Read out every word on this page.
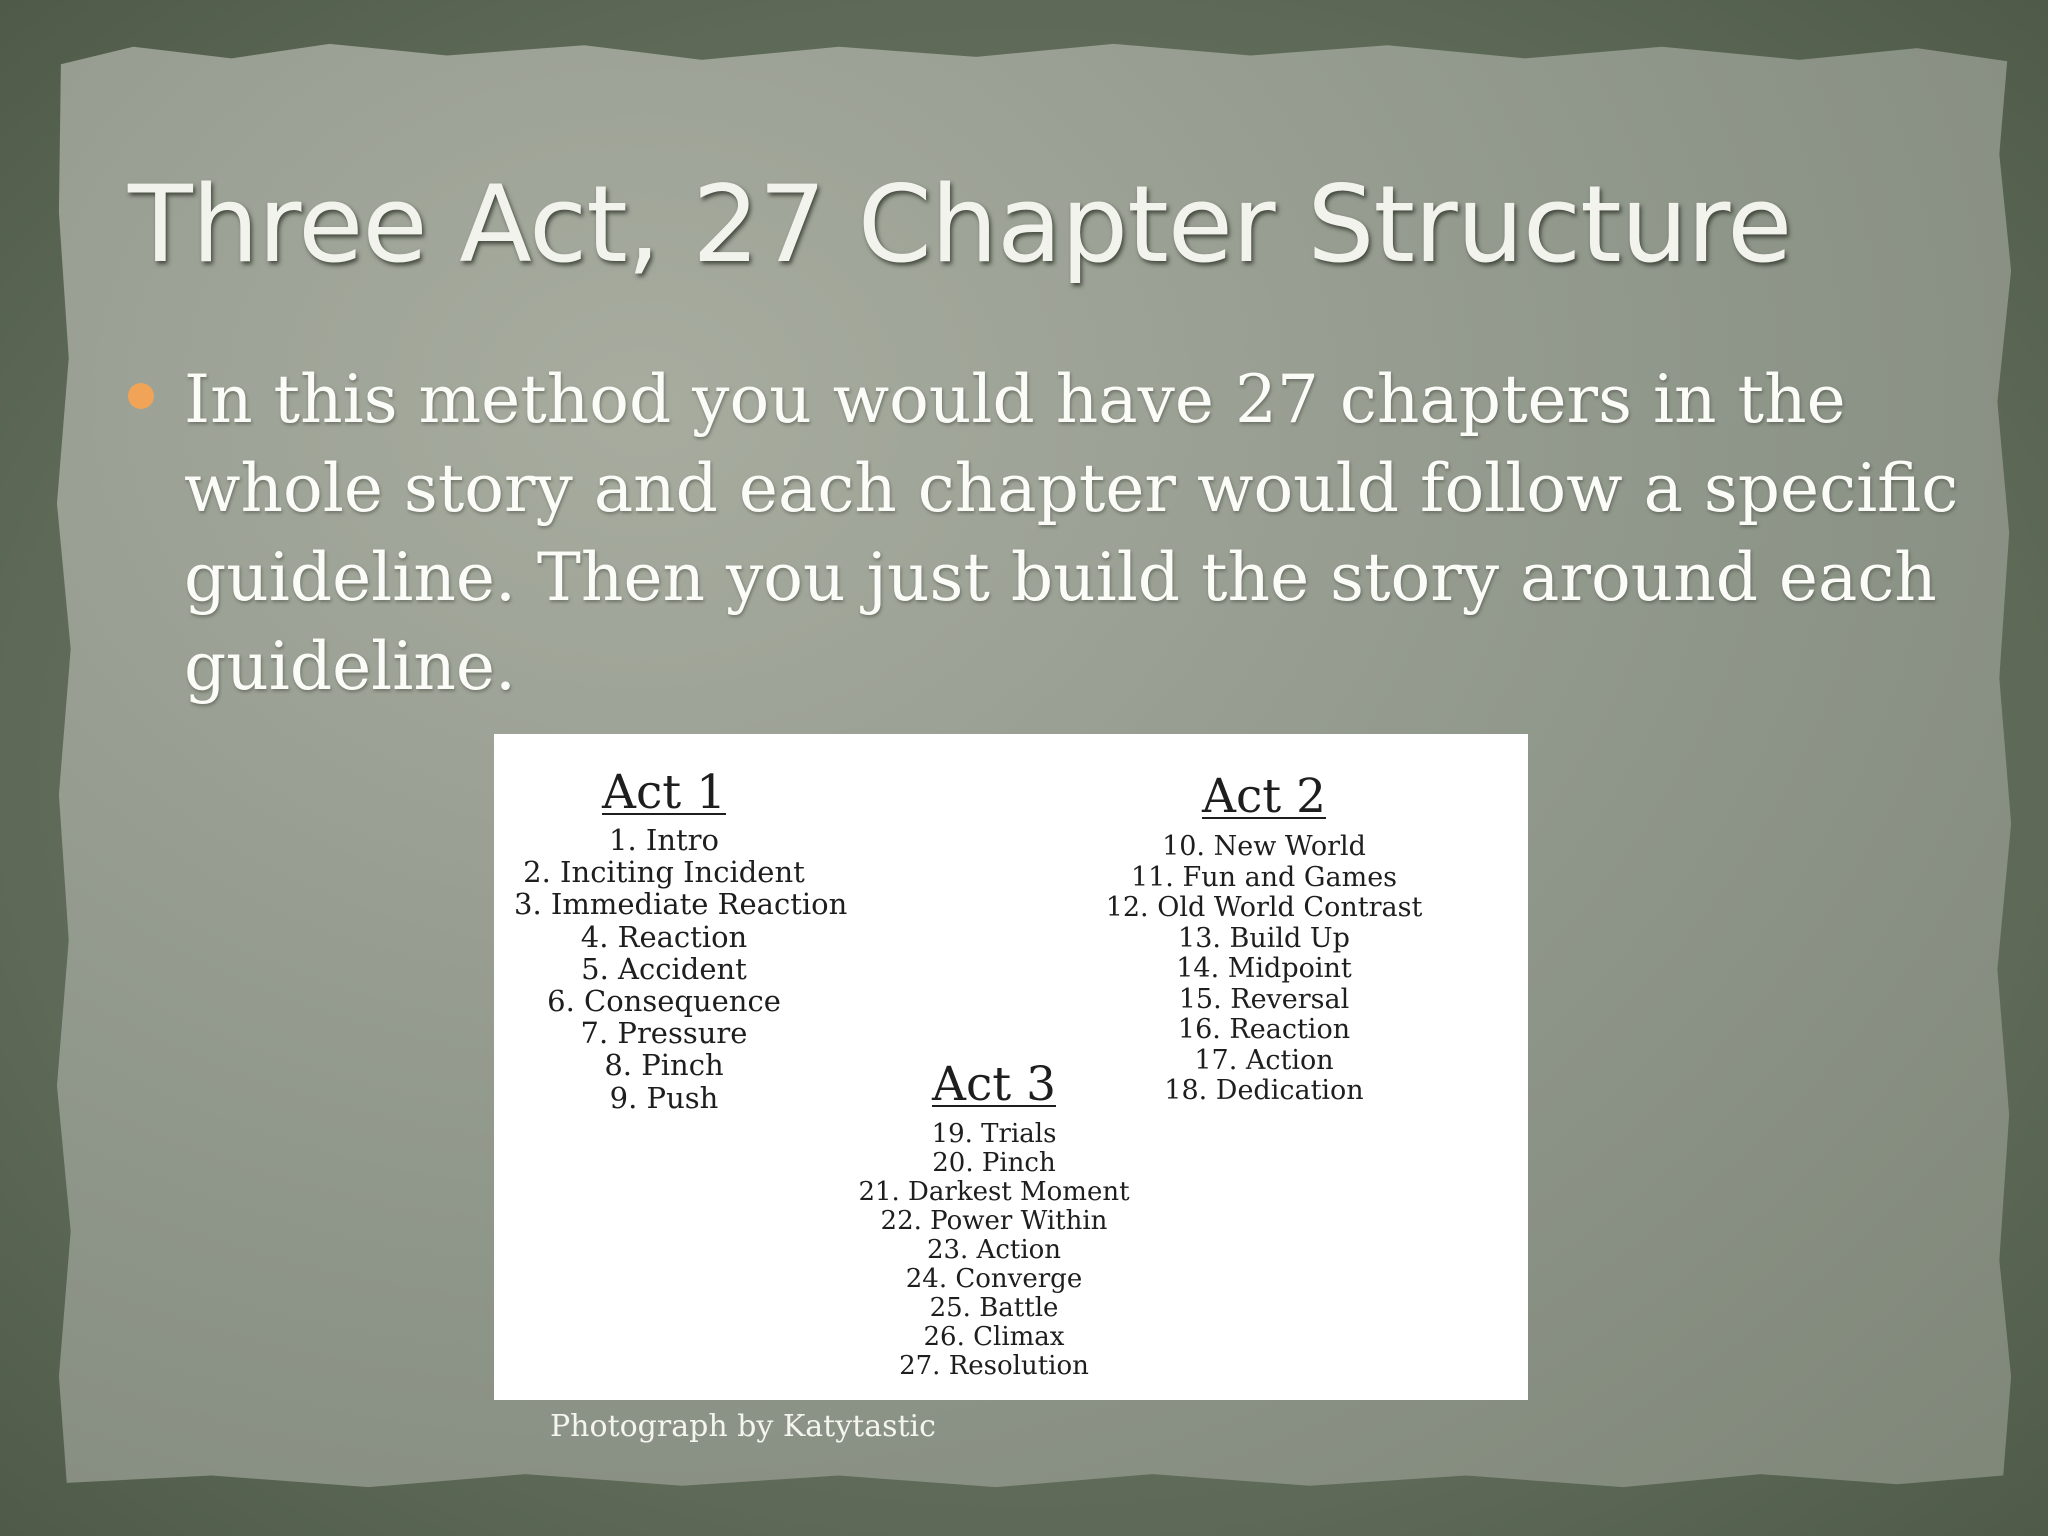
Three Act, 27 Chapter Structure
In this method you would have 27 chapters in the whole story and each chapter would follow a specific guideline. Then you just build the story around each guideline.
Act 1
1. Intro
2. Inciting Incident
3. Immediate Reaction
4. Reaction
5. Accident
6. Consequence
7. Pressure
8. Pinch
9. Push
Act 2
10. New World
11. Fun and Games
12. Old World Contrast
13. Build Up
14. Midpoint
15. Reversal
16. Reaction
17. Action
18. Dedication
Act 3
19. Trials
20. Pinch
21. Darkest Moment
22. Power Within
23. Action
24. Converge
25. Battle
26. Climax
27. Resolution
Photograph by Katytastic
